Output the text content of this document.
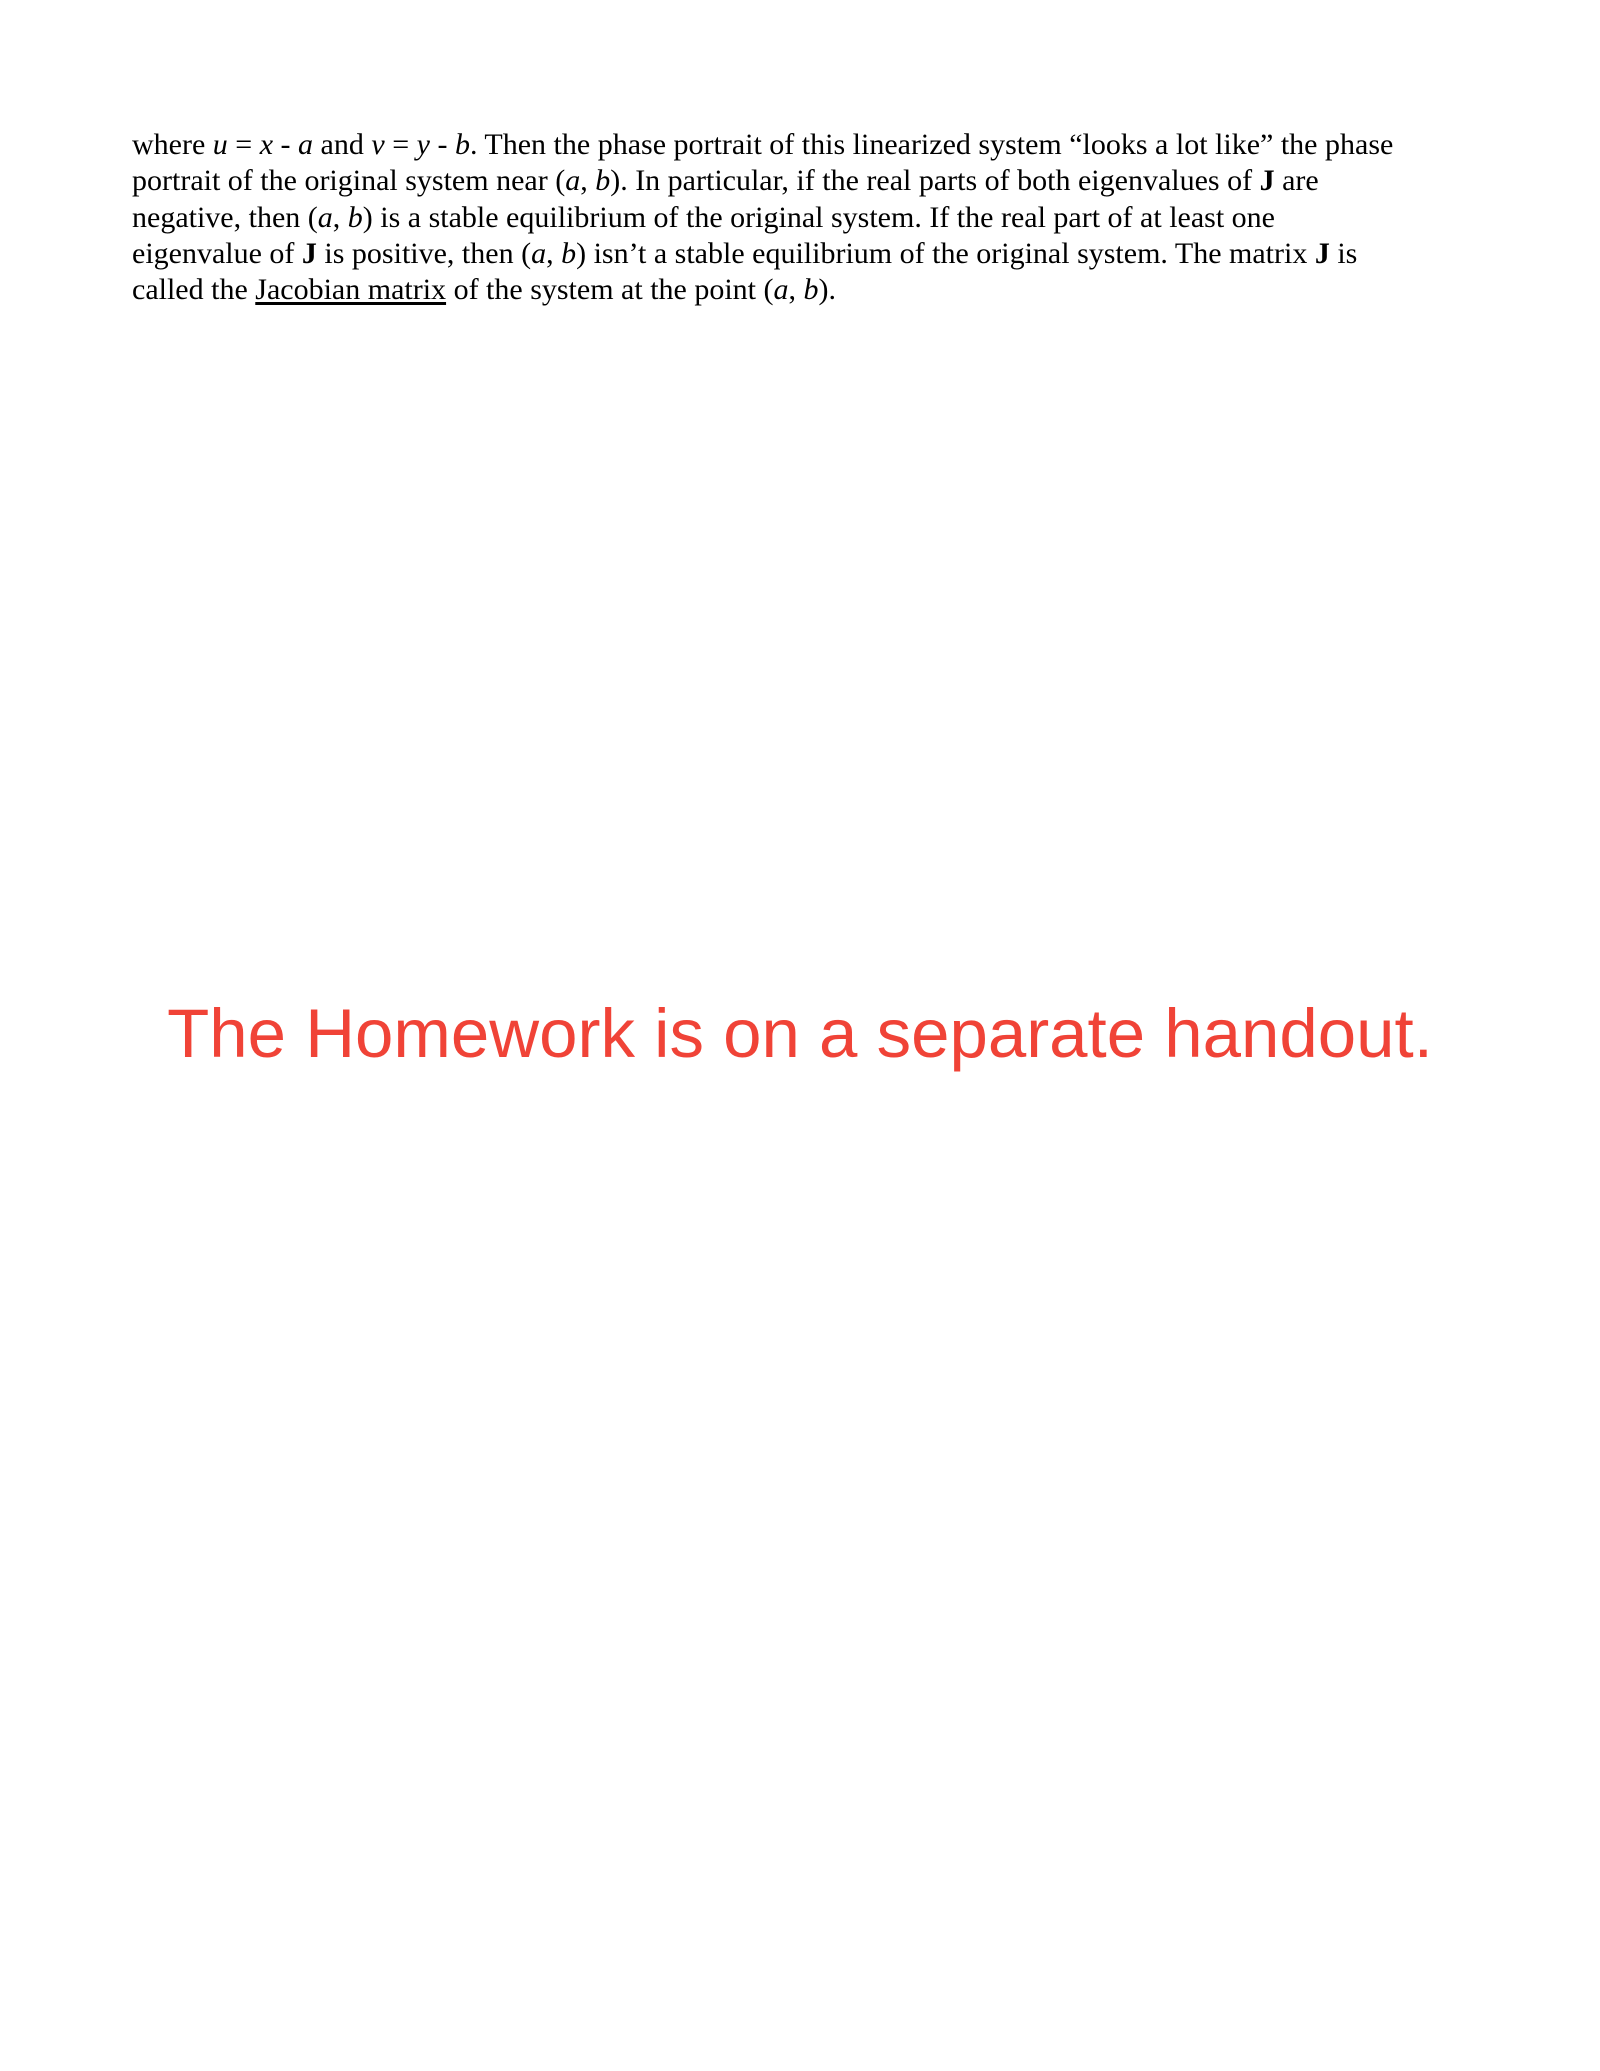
where u = x - a and v = y - b. Then the phase portrait of this linearized system “looks a lot like” the phase
portrait of the original system near (a, b). In particular, if the real parts of both eigenvalues of J are
negative, then (a, b) is a stable equilibrium of the original system. If the real part of at least one
eigenvalue of J is positive, then (a, b) isn’t a stable equilibrium of the original system. The matrix J is
called the Jacobian matrix of the system at the point (a, b).
The Homework is on a separate handout.
